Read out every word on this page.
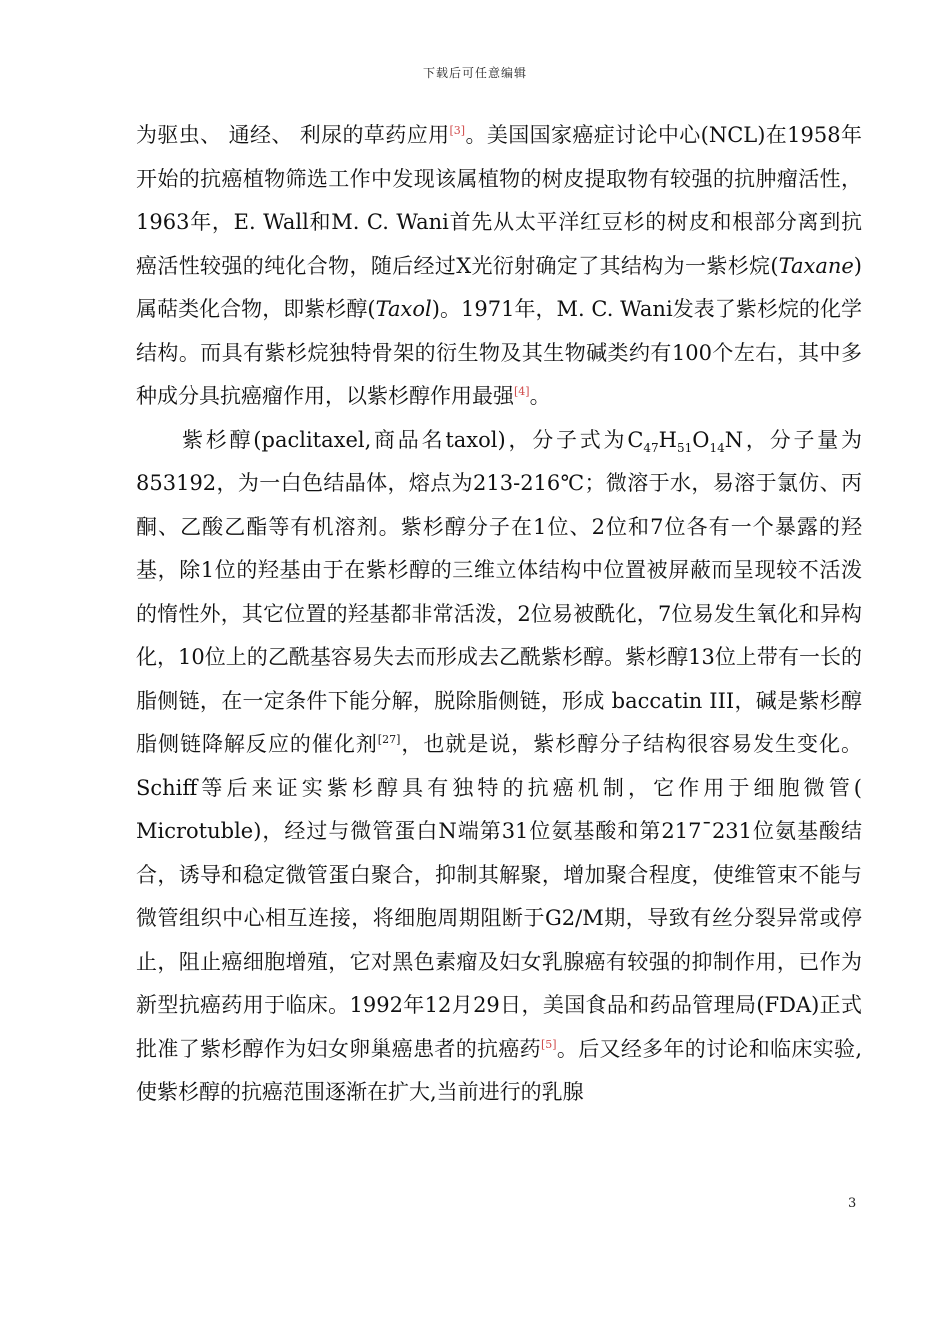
下载后可任意编辑

为驱虫、 通经、 利尿的草药应用[3]。美国国家癌症讨论中心(NCL)在1958年开始的抗癌植物筛选工作中发现该属植物的树皮提取物有较强的抗肿瘤活性，1963年，E. Wall和M. C. Wani首先从太平洋红豆杉的树皮和根部分离到抗癌活性较强的纯化合物，随后经过X光衍射确定了其结构为一紫杉烷(Taxane)属萜类化合物，即紫杉醇(Taxol)。1971年，M. C. Wani发表了紫杉烷的化学结构。而具有紫杉烷独特骨架的衍生物及其生物碱类约有100个左右，其中多种成分具抗癌瘤作用，以紫杉醇作用最强[4]。

紫杉醇(paclitaxel,商品名taxol)，分子式为$C_{47}H_{51}O_{14}N$，分子量为853192，为一白色结晶体，熔点为213-216℃；微溶于水，易溶于氯仿、丙酮、乙酸乙酯等有机溶剂。紫杉醇分子在1位、2位和7位各有一个暴露的羟基，除1位的羟基由于在紫杉醇的三维立体结构中位置被屏蔽而呈现较不活泼的惰性外，其它位置的羟基都非常活泼，2位易被酰化，7位易发生氧化和异构化，10位上的乙酰基容易失去而形成去乙酰紫杉醇。紫杉醇13位上带有一长的脂侧链，在一定条件下能分解，脱除脂侧链，形成 baccatin III，碱是紫杉醇脂侧链降解反应的催化剂[27]，也就是说，紫杉醇分子结构很容易发生变化。Schiff等后来证实紫杉醇具有独特的抗癌机制，它作用于细胞微管( Microtuble)，经过与微管蛋白N端第31位氨基酸和第217¯231位氨基酸结合，诱导和稳定微管蛋白聚合，抑制其解聚，增加聚合程度，使维管束不能与微管组织中心相互连接，将细胞周期阻断于G2/M期，导致有丝分裂异常或停止，阻止癌细胞增殖，它对黑色素瘤及妇女乳腺癌有较强的抑制作用，已作为新型抗癌药用于临床。1992年12月29日，美国食品和药品管理局(FDA)正式批准了紫杉醇作为妇女卵巢癌患者的抗癌药[5]。后又经多年的讨论和临床实验,使紫杉醇的抗癌范围逐渐在扩大,当前进行的乳腺

3
